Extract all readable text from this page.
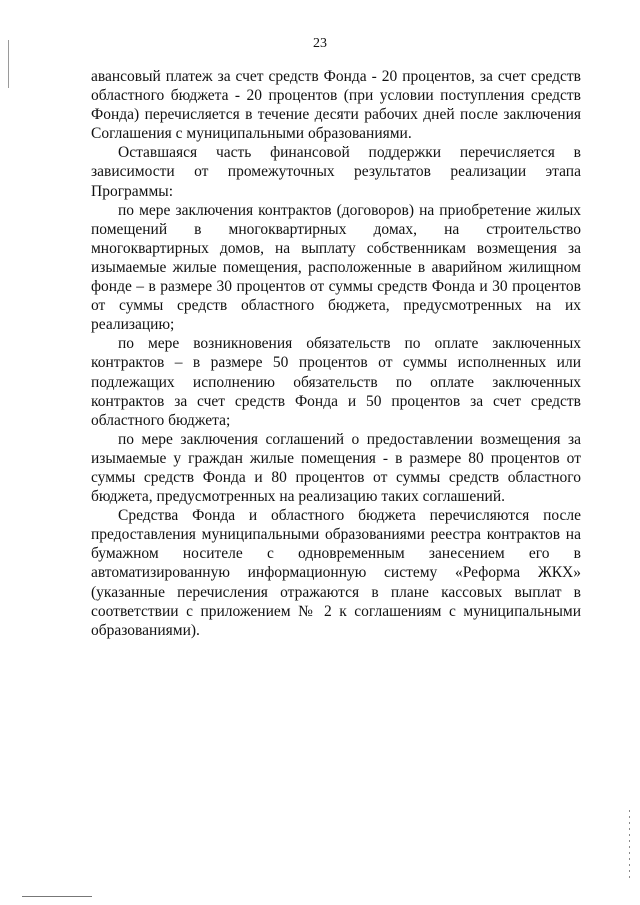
23

авансовый платеж за счет средств Фонда - 20 процентов, за счет средств областного бюджета - 20 процентов (при условии поступления средств Фонда) перечисляется в течение десяти рабочих дней после заключения Соглашения с муниципальными образованиями.

Оставшаяся часть финансовой поддержки перечисляется в зависимости от промежуточных результатов реализации этапа Программы:

по мере заключения контрактов (договоров) на приобретение жилых помещений в многоквартирных домах, на строительство многоквартирных домов, на выплату собственникам возмещения за изымаемые жилые помещения, расположенные в аварийном жилищном фонде – в размере 30 процентов от суммы средств Фонда и 30 процентов от суммы средств областного бюджета, предусмотренных на их реализацию;

по мере возникновения обязательств по оплате заключенных контрактов – в размере 50 процентов от суммы исполненных или подлежащих исполнению обязательств по оплате заключенных контрактов за счет средств Фонда и 50 процентов за счет средств областного бюджета;

по мере заключения соглашений о предоставлении возмещения за изымаемые у граждан жилые помещения - в размере 80 процентов от суммы средств Фонда и 80 процентов от суммы средств областного бюджета, предусмотренных на реализацию таких соглашений.

Средства Фонда и областного бюджета перечисляются после предоставления муниципальными образованиями реестра контрактов на бумажном носителе с одновременным занесением его в автоматизированную информационную систему «Реформа ЖКХ» (указанные перечисления отражаются в плане кассовых выплат в соответствии с приложением № 2 к соглашениям с муниципальными образованиями).
